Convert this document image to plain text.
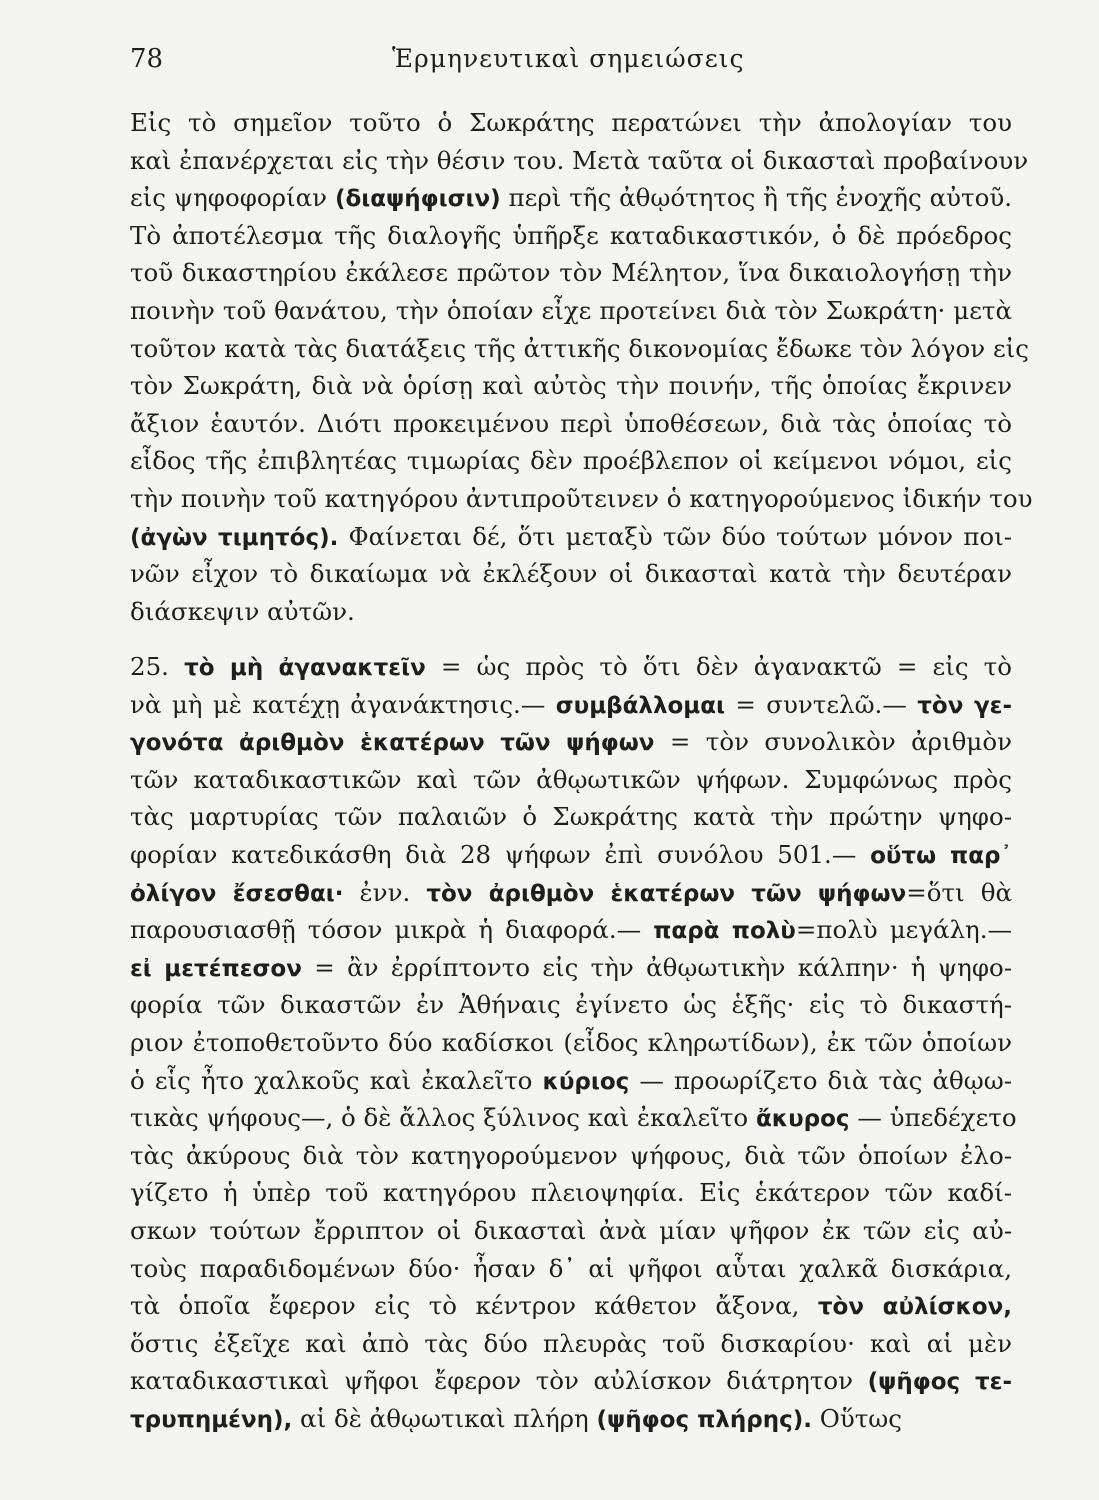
78	Ἑρμηνευτικαὶ σημειώσεις
Εἰς τὸ σημεῖον τοῦτο ὁ Σωκράτης περατώνει τὴν ἀπολογίαν του
καὶ ἐπανέρχεται εἰς τὴν θέσιν του. Μετὰ ταῦτα οἱ δικασταὶ προβαίνουν
εἰς ψηφοφορίαν (διαψήφισιν) περὶ τῆς ἀθῳότητος ἢ τῆς ἐνοχῆς αὐτοῦ.
Τὸ ἀποτέλεσμα τῆς διαλογῆς ὑπῆρξε καταδικαστικόν, ὁ δὲ πρόεδρος
τοῦ δικαστηρίου ἐκάλεσε πρῶτον τὸν Μέλητον, ἵνα δικαιολογήσῃ τὴν
ποινὴν τοῦ θανάτου, τὴν ὁποίαν εἶχε προτείνει διὰ τὸν Σωκράτη· μετὰ
τοῦτον κατὰ τὰς διατάξεις τῆς ἀττικῆς δικονομίας ἔδωκε τὸν λόγον εἰς
τὸν Σωκράτη, διὰ νὰ ὁρίσῃ καὶ αὐτὸς τὴν ποινήν, τῆς ὁποίας ἔκρινεν
ἄξιον ἑαυτόν. Διότι προκειμένου περὶ ὑποθέσεων, διὰ τὰς ὁποίας τὸ
εἶδος τῆς ἐπιβλητέας τιμωρίας δὲν προέβλεπον οἱ κείμενοι νόμοι, εἰς
τὴν ποινὴν τοῦ κατηγόρου ἀντιπροῦτεινεν ὁ κατηγορούμενος ἰδικήν του
(ἀγὼν τιμητός). Φαίνεται δέ, ὅτι μεταξὺ τῶν δύο τούτων μόνον ποι-
νῶν εἶχον τὸ δικαίωμα νὰ ἐκλέξουν οἱ δικασταὶ κατὰ τὴν δευτέραν
διάσκεψιν αὐτῶν.
25. τὸ μὴ ἀγανακτεῖν = ὡς πρὸς τὸ ὅτι δὲν ἀγανακτῶ = εἰς τὸ
νὰ μὴ μὲ κατέχῃ ἀγανάκτησις.— συμβάλλομαι = συντελῶ.— τὸν γε-
γονότα ἀριθμὸν ἑκατέρων τῶν ψήφων = τὸν συνολικὸν ἀριθμὸν
τῶν καταδικαστικῶν καὶ τῶν ἀθῳωτικῶν ψήφων. Συμφώνως πρὸς
τὰς μαρτυρίας τῶν παλαιῶν ὁ Σωκράτης κατὰ τὴν πρώτην ψηφο-
φορίαν κατεδικάσθη διὰ 28 ψήφων ἐπὶ συνόλου 501.— οὕτω παρ᾽
ὀλίγον ἔσεσθαι· ἐνν. τὸν ἀριθμὸν ἑκατέρων τῶν ψήφων=ὅτι θὰ
παρουσιασθῇ τόσον μικρὰ ἡ διαφορά.— παρὰ πολὺ=πολὺ μεγάλη.—
εἰ μετέπεσον = ἂν ἐρρίπτοντο εἰς τὴν ἀθῳωτικὴν κάλπην· ἡ ψηφο-
φορία τῶν δικαστῶν ἐν Ἀθήναις ἐγίνετο ὡς ἑξῆς· εἰς τὸ δικαστή-
ριον ἐτοποθετοῦντο δύο καδίσκοι (εἶδος κληρωτίδων), ἐκ τῶν ὁποίων
ὁ εἷς ἦτο χαλκοῦς καὶ ἐκαλεῖτο κύριος — προωρίζετο διὰ τὰς ἀθῳω-
τικὰς ψήφους—, ὁ δὲ ἄλλος ξύλινος καὶ ἐκαλεῖτο ἄκυρος — ὑπεδέχετο
τὰς ἀκύρους διὰ τὸν κατηγορούμενον ψήφους, διὰ τῶν ὁποίων ἐλο-
γίζετο ἡ ὑπὲρ τοῦ κατηγόρου πλειοψηφία. Εἰς ἑκάτερον τῶν καδί-
σκων τούτων ἔρριπτον οἱ δικασταὶ ἀνὰ μίαν ψῆφον ἐκ τῶν εἰς αὐ-
τοὺς παραδιδομένων δύο· ἦσαν δ᾽ αἱ ψῆφοι αὗται χαλκᾶ δισκάρια,
τὰ ὁποῖα ἔφερον εἰς τὸ κέντρον κάθετον ἄξονα, τὸν αὐλίσκον,
ὅστις ἐξεῖχε καὶ ἀπὸ τὰς δύο πλευρὰς τοῦ δισκαρίου· καὶ αἱ μὲν
καταδικαστικαὶ ψῆφοι ἔφερον τὸν αὐλίσκον διάτρητον (ψῆφος τε-
τρυπημένη), αἱ δὲ ἀθῳωτικαὶ πλήρη (ψῆφος πλήρης). Οὕτως
